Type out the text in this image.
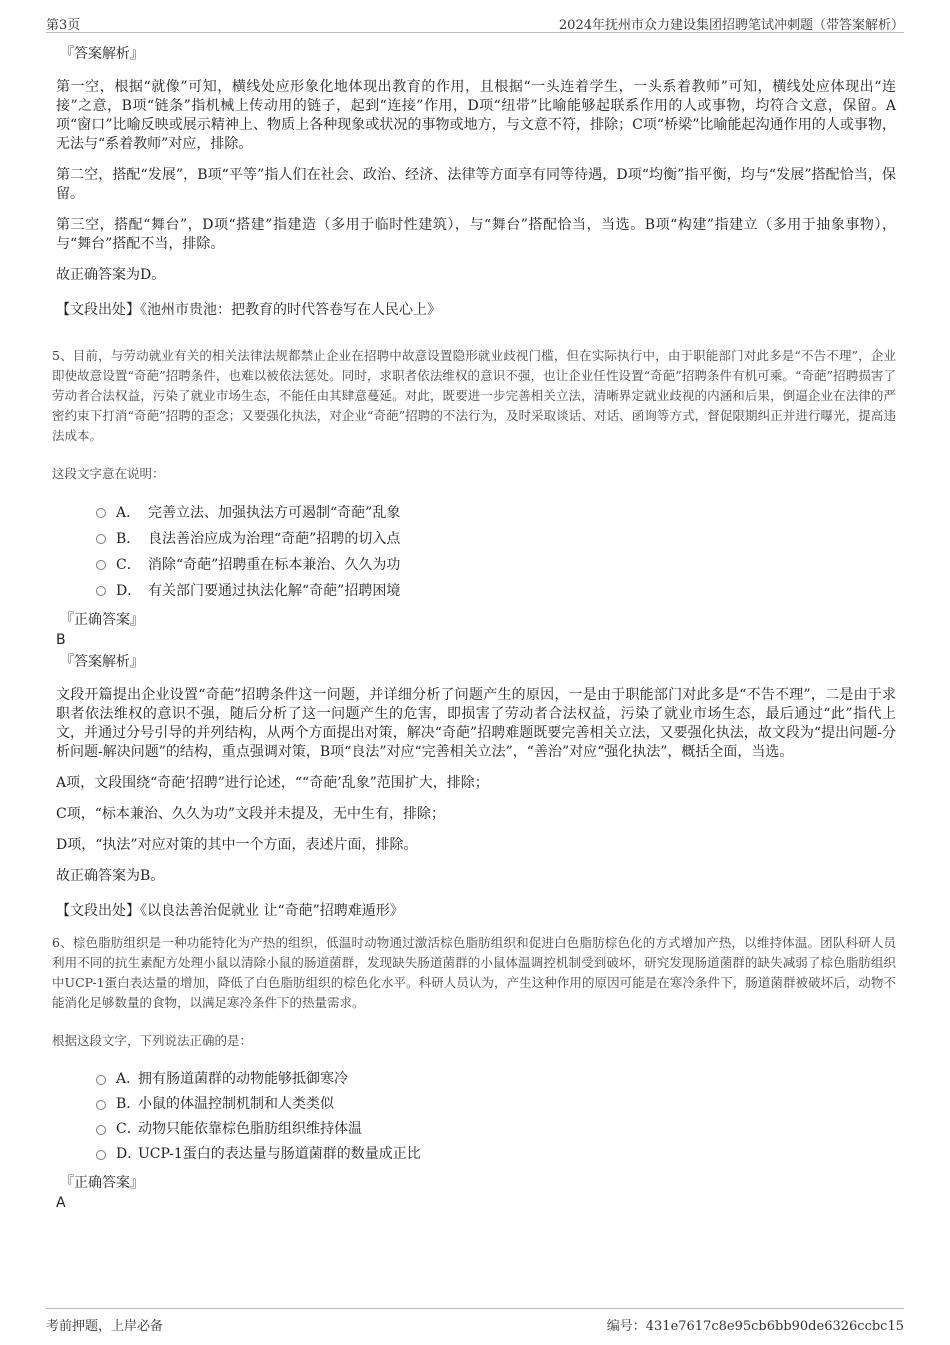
第3页	2024年抚州市众力建设集团招聘笔试冲刺题（带答案解析）
『答案解析』

第一空，根据“就像”可知，横线处应形象化地体现出教育的作用，且根据“一头连着学生，一头系着教师”可知，横线处应体现出“连接”之意，B项“链条”指机械上传动用的链子，起到“连接”作用，D项“纽带”比喻能够起联系作用的人或事物，均符合文意，保留。A项“窗口”比喻反映或展示精神上、物质上各种现象或状况的事物或地方，与文意不符，排除；C项“桥梁”比喻能起沟通作用的人或事物，无法与“系着教师”对应，排除。

第二空，搭配“发展”，B项“平等”指人们在社会、政治、经济、法律等方面享有同等待遇，D项“均衡”指平衡，均与“发展”搭配恰当，保留。

第三空，搭配“舞台”，D项“搭建”指建造（多用于临时性建筑），与“舞台”搭配恰当，当选。B项“构建”指建立（多用于抽象事物），与“舞台”搭配不当，排除。

故正确答案为D。

【文段出处】《池州市贵池：把教育的时代答卷写在人民心上》

5、目前，与劳动就业有关的相关法律法规都禁止企业在招聘中故意设置隐形就业歧视门槛，但在实际执行中，由于职能部门对此多是“不告不理”，企业即使故意设置“奇葩”招聘条件，也难以被依法惩处。同时，求职者依法维权的意识不强，也让企业任性设置“奇葩”招聘条件有机可乘。“奇葩”招聘损害了劳动者合法权益，污染了就业市场生态，不能任由其肆意蔓延。对此，既要进一步完善相关立法，清晰界定就业歧视的内涵和后果，倒逼企业在法律的严密约束下打消“奇葩”招聘的歪念；又要强化执法，对企业“奇葩”招聘的不法行为，及时采取谈话、对话、函询等方式，督促限期纠正并进行曝光，提高违法成本。

这段文字意在说明：

A． 完善立法、加强执法方可遏制“奇葩”乱象
B． 良法善治应成为治理“奇葩”招聘的切入点
C． 消除“奇葩”招聘重在标本兼治、久久为功
D． 有关部门要通过执法化解“奇葩”招聘困境
『正确答案』
B
『答案解析』

文段开篇提出企业设置“奇葩”招聘条件这一问题，并详细分析了问题产生的原因，一是由于职能部门对此多是“不告不理”，二是由于求职者依法维权的意识不强，随后分析了这一问题产生的危害，即损害了劳动者合法权益，污染了就业市场生态，最后通过“此”指代上文，并通过分号引导的并列结构，从两个方面提出对策，解决“奇葩”招聘难题既要完善相关立法，又要强化执法，故文段为“提出问题-分析问题-解决问题”的结构，重点强调对策，B项“良法”对应“完善相关立法”，“善治”对应“强化执法”，概括全面，当选。

A项，文段围绕“奇葩’招聘”进行论述，““奇葩’乱象”范围扩大，排除；

C项，“标本兼治、久久为功”文段并未提及，无中生有，排除；

D项，“执法”对应对策的其中一个方面，表述片面，排除。

故正确答案为B。

【文段出处】《以良法善治促就业 让“奇葩”招聘难遁形》

6、棕色脂肪组织是一种功能特化为产热的组织，低温时动物通过激活棕色脂肪组织和促进白色脂肪棕色化的方式增加产热，以维持体温。团队科研人员利用不同的抗生素配方处理小鼠以清除小鼠的肠道菌群，发现缺失肠道菌群的小鼠体温调控机制受到破坏，研究发现肠道菌群的缺失减弱了棕色脂肪组织中UCP-1蛋白表达量的增加，降低了白色脂肪组织的棕色化水平。科研人员认为，产生这种作用的原因可能是在寒冷条件下，肠道菌群被破坏后，动物不能消化足够数量的食物，以满足寒冷条件下的热量需求。

根据这段文字，下列说法正确的是：

A．
拥有肠道菌群的动物能够抵御寒冷
B．
小鼠的体温控制机制和人类类似
C．
动物只能依靠棕色脂肪组织维持体温
D．
UCP-1蛋白的表达量与肠道菌群的数量成正比
『正确答案』
A
考前押题，上岸必备	编号：431e7617c8e95cb6bb90de6326ccbc15
